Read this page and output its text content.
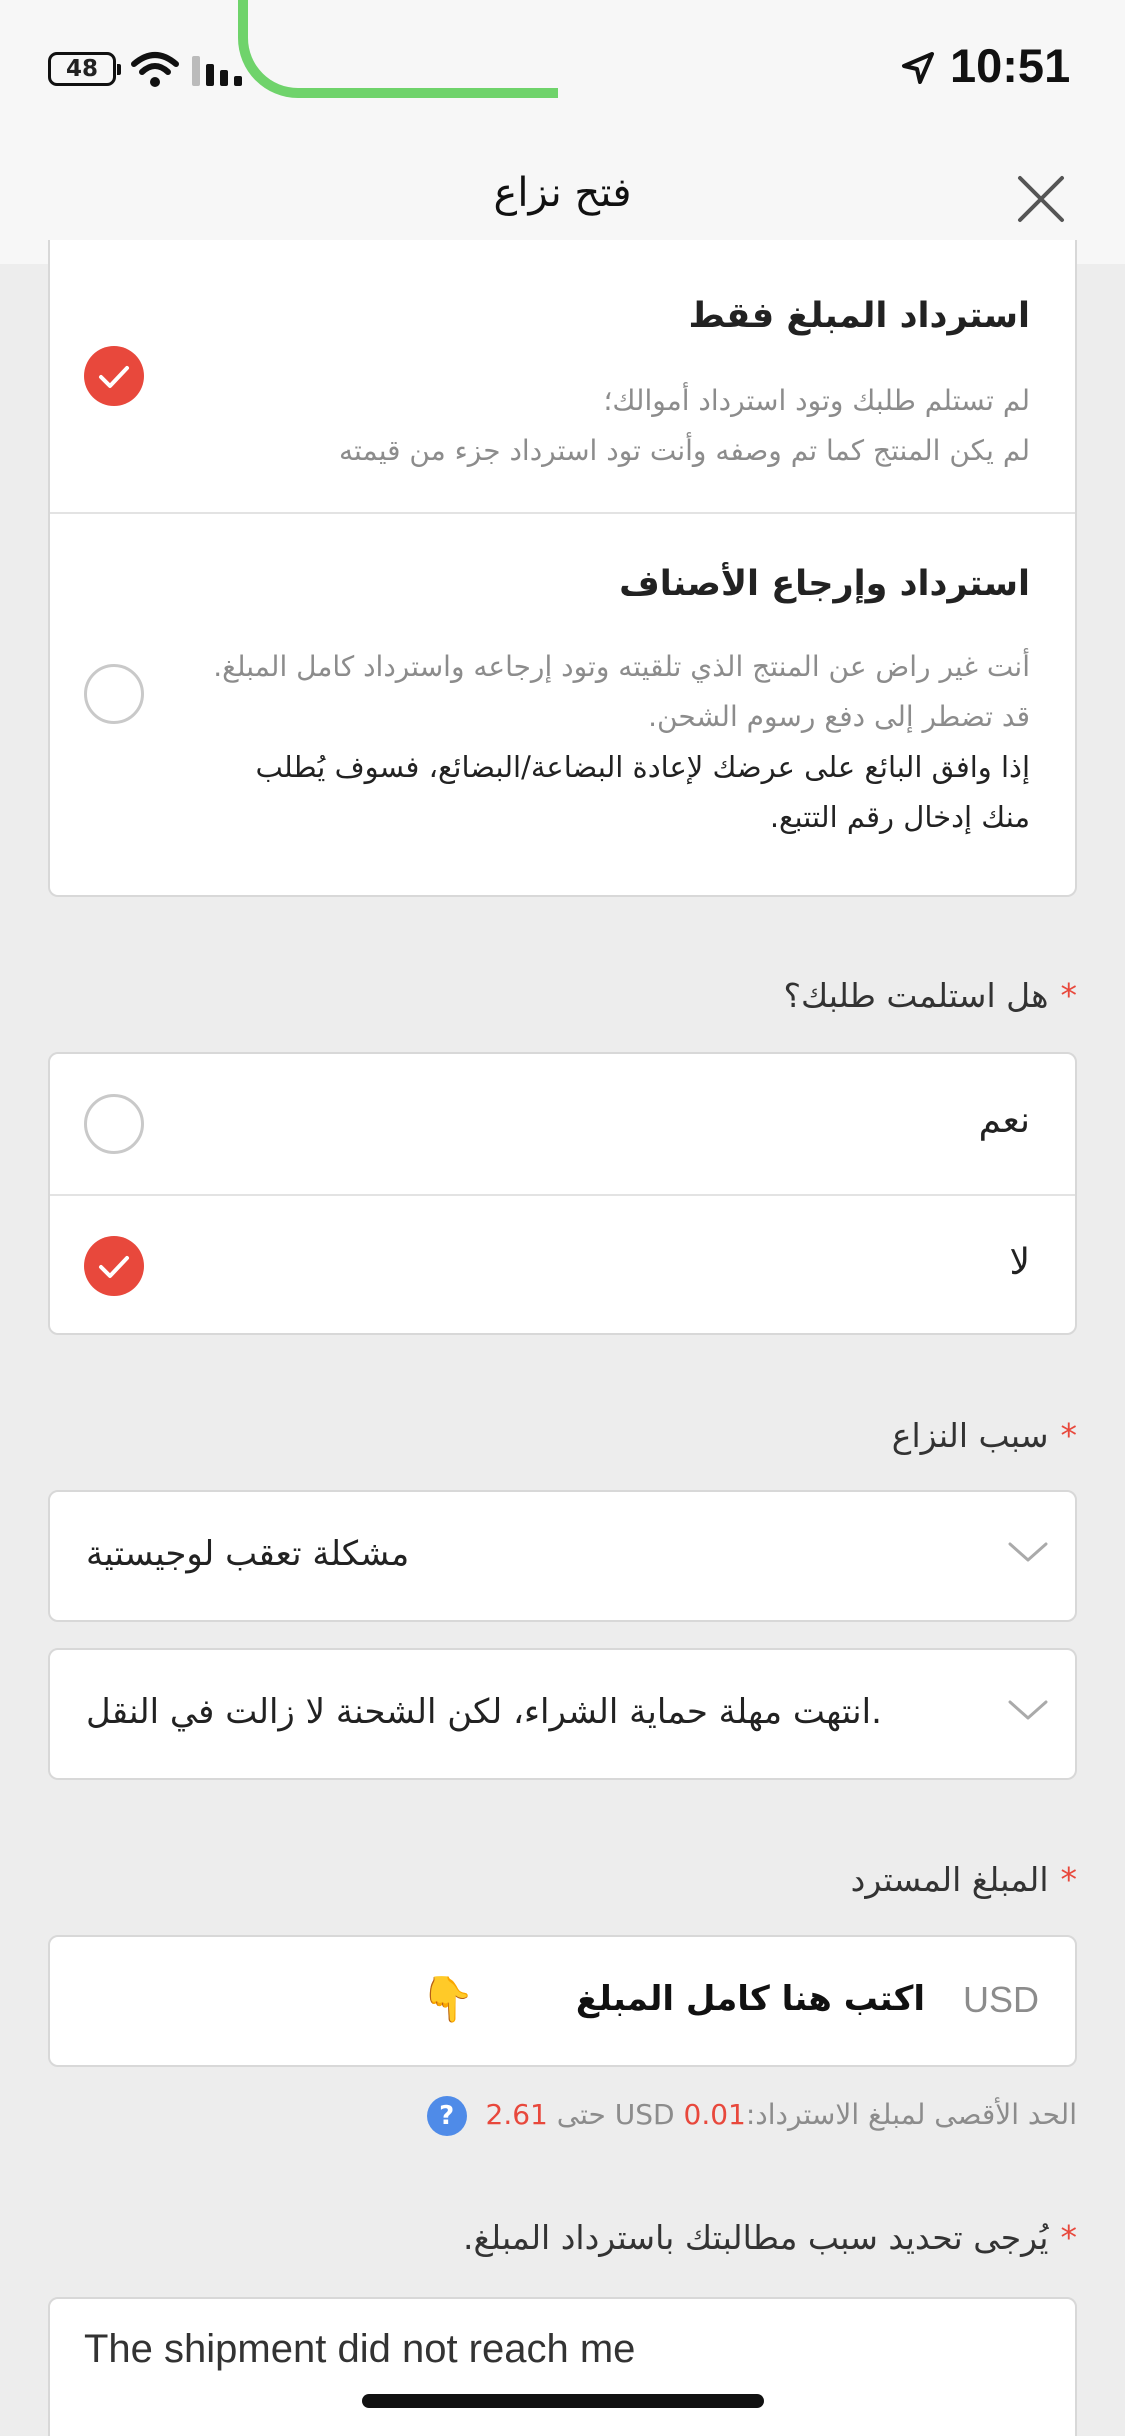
48	10:51
فتح نزاع
استرداد المبلغ فقط
لم تستلم طلبك وتود استرداد أموالك؛
لم يكن المنتج كما تم وصفه وأنت تود استرداد جزء من قيمته
استرداد وإرجاع الأصناف
أنت غير راض عن المنتج الذي تلقيته وتود إرجاعه واسترداد كامل المبلغ.
قد تضطر إلى دفع رسوم الشحن.
إذا وافق البائع على عرضك لإعادة البضاعة/البضائع، فسوف يُطلب
منك إدخال رقم التتبع.
*هل استلمت طلبك؟
نعم
لا
*سبب النزاع
مشكلة تعقب لوجيستية
انتهت مهلة حماية الشراء، لكن الشحنة لا زالت في النقل.
*المبلغ المسترد
USD
اكتب هنا كامل المبلغ
👇
الحد الأقصى لمبلغ الاسترداد:0.01 USD حتى 2.61 ?
*يُرجى تحديد سبب مطالبتك باسترداد المبلغ.
The shipment did not reach me
